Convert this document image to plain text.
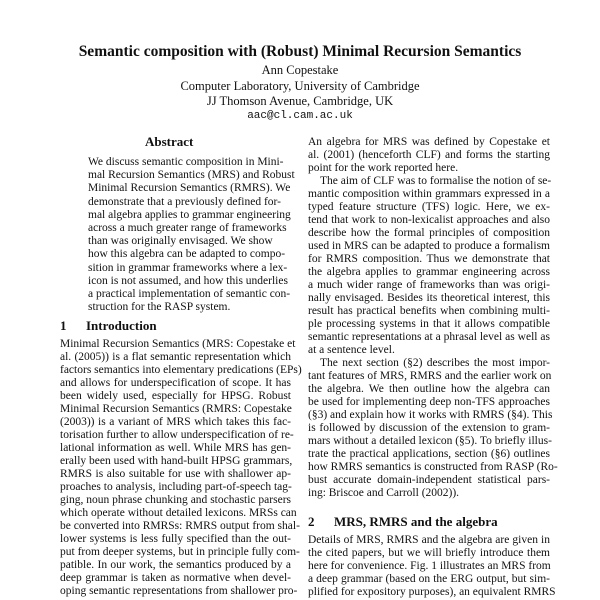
Semantic composition with (Robust) Minimal Recursion Semantics
Ann Copestake
Computer Laboratory, University of Cambridge
JJ Thomson Avenue, Cambridge, UK
aac@cl.cam.ac.uk
Abstract
We discuss semantic composition in Mini-
mal Recursion Semantics (MRS) and Robust
Minimal Recursion Semantics (RMRS). We
demonstrate that a previously defined for-
mal algebra applies to grammar engineering
across a much greater range of frameworks
than was originally envisaged. We show
how this algebra can be adapted to compo-
sition in grammar frameworks where a lex-
icon is not assumed, and how this underlies
a practical implementation of semantic con-
struction for the RASP system.
1 Introduction
Minimal Recursion Semantics (MRS: Copestake et
al. (2005)) is a flat semantic representation which
factors semantics into elementary predications (EPs)
and allows for underspecification of scope. It has
been widely used, especially for HPSG. Robust
Minimal Recursion Semantics (RMRS: Copestake
(2003)) is a variant of MRS which takes this fac-
torisation further to allow underspecification of re-
lational information as well. While MRS has gen-
erally been used with hand-built HPSG grammars,
RMRS is also suitable for use with shallower ap-
proaches to analysis, including part-of-speech tag-
ging, noun phrase chunking and stochastic parsers
which operate without detailed lexicons. MRSs can
be converted into RMRSs: RMRS output from shal-
lower systems is less fully specified than the out-
put from deeper systems, but in principle fully com-
patible. In our work, the semantics produced by a
deep grammar is taken as normative when devel-
oping semantic representations from shallower pro-
An algebra for MRS was defined by Copestake et
al. (2001) (henceforth CLF) and forms the starting
point for the work reported here.
The aim of CLF was to formalise the notion of se-
mantic composition within grammars expressed in a
typed feature structure (TFS) logic. Here, we ex-
tend that work to non-lexicalist approaches and also
describe how the formal principles of composition
used in MRS can be adapted to produce a formalism
for RMRS composition. Thus we demonstrate that
the algebra applies to grammar engineering across
a much wider range of frameworks than was origi-
nally envisaged. Besides its theoretical interest, this
result has practical benefits when combining multi-
ple processing systems in that it allows compatible
semantic representations at a phrasal level as well as
at a sentence level.
The next section (§2) describes the most impor-
tant features of MRS, RMRS and the earlier work on
the algebra. We then outline how the algebra can
be used for implementing deep non-TFS approaches
(§3) and explain how it works with RMRS (§4). This
is followed by discussion of the extension to gram-
mars without a detailed lexicon (§5). To briefly illus-
trate the practical applications, section (§6) outlines
how RMRS semantics is constructed from RASP (Ro-
bust accurate domain-independent statistical pars-
ing: Briscoe and Carroll (2002)).
2 MRS, RMRS and the algebra
Details of MRS, RMRS and the algebra are given in
the cited papers, but we will briefly introduce them
here for convenience. Fig. 1 illustrates an MRS from
a deep grammar (based on the ERG output, but sim-
plified for expository purposes), an equivalent RMRS
